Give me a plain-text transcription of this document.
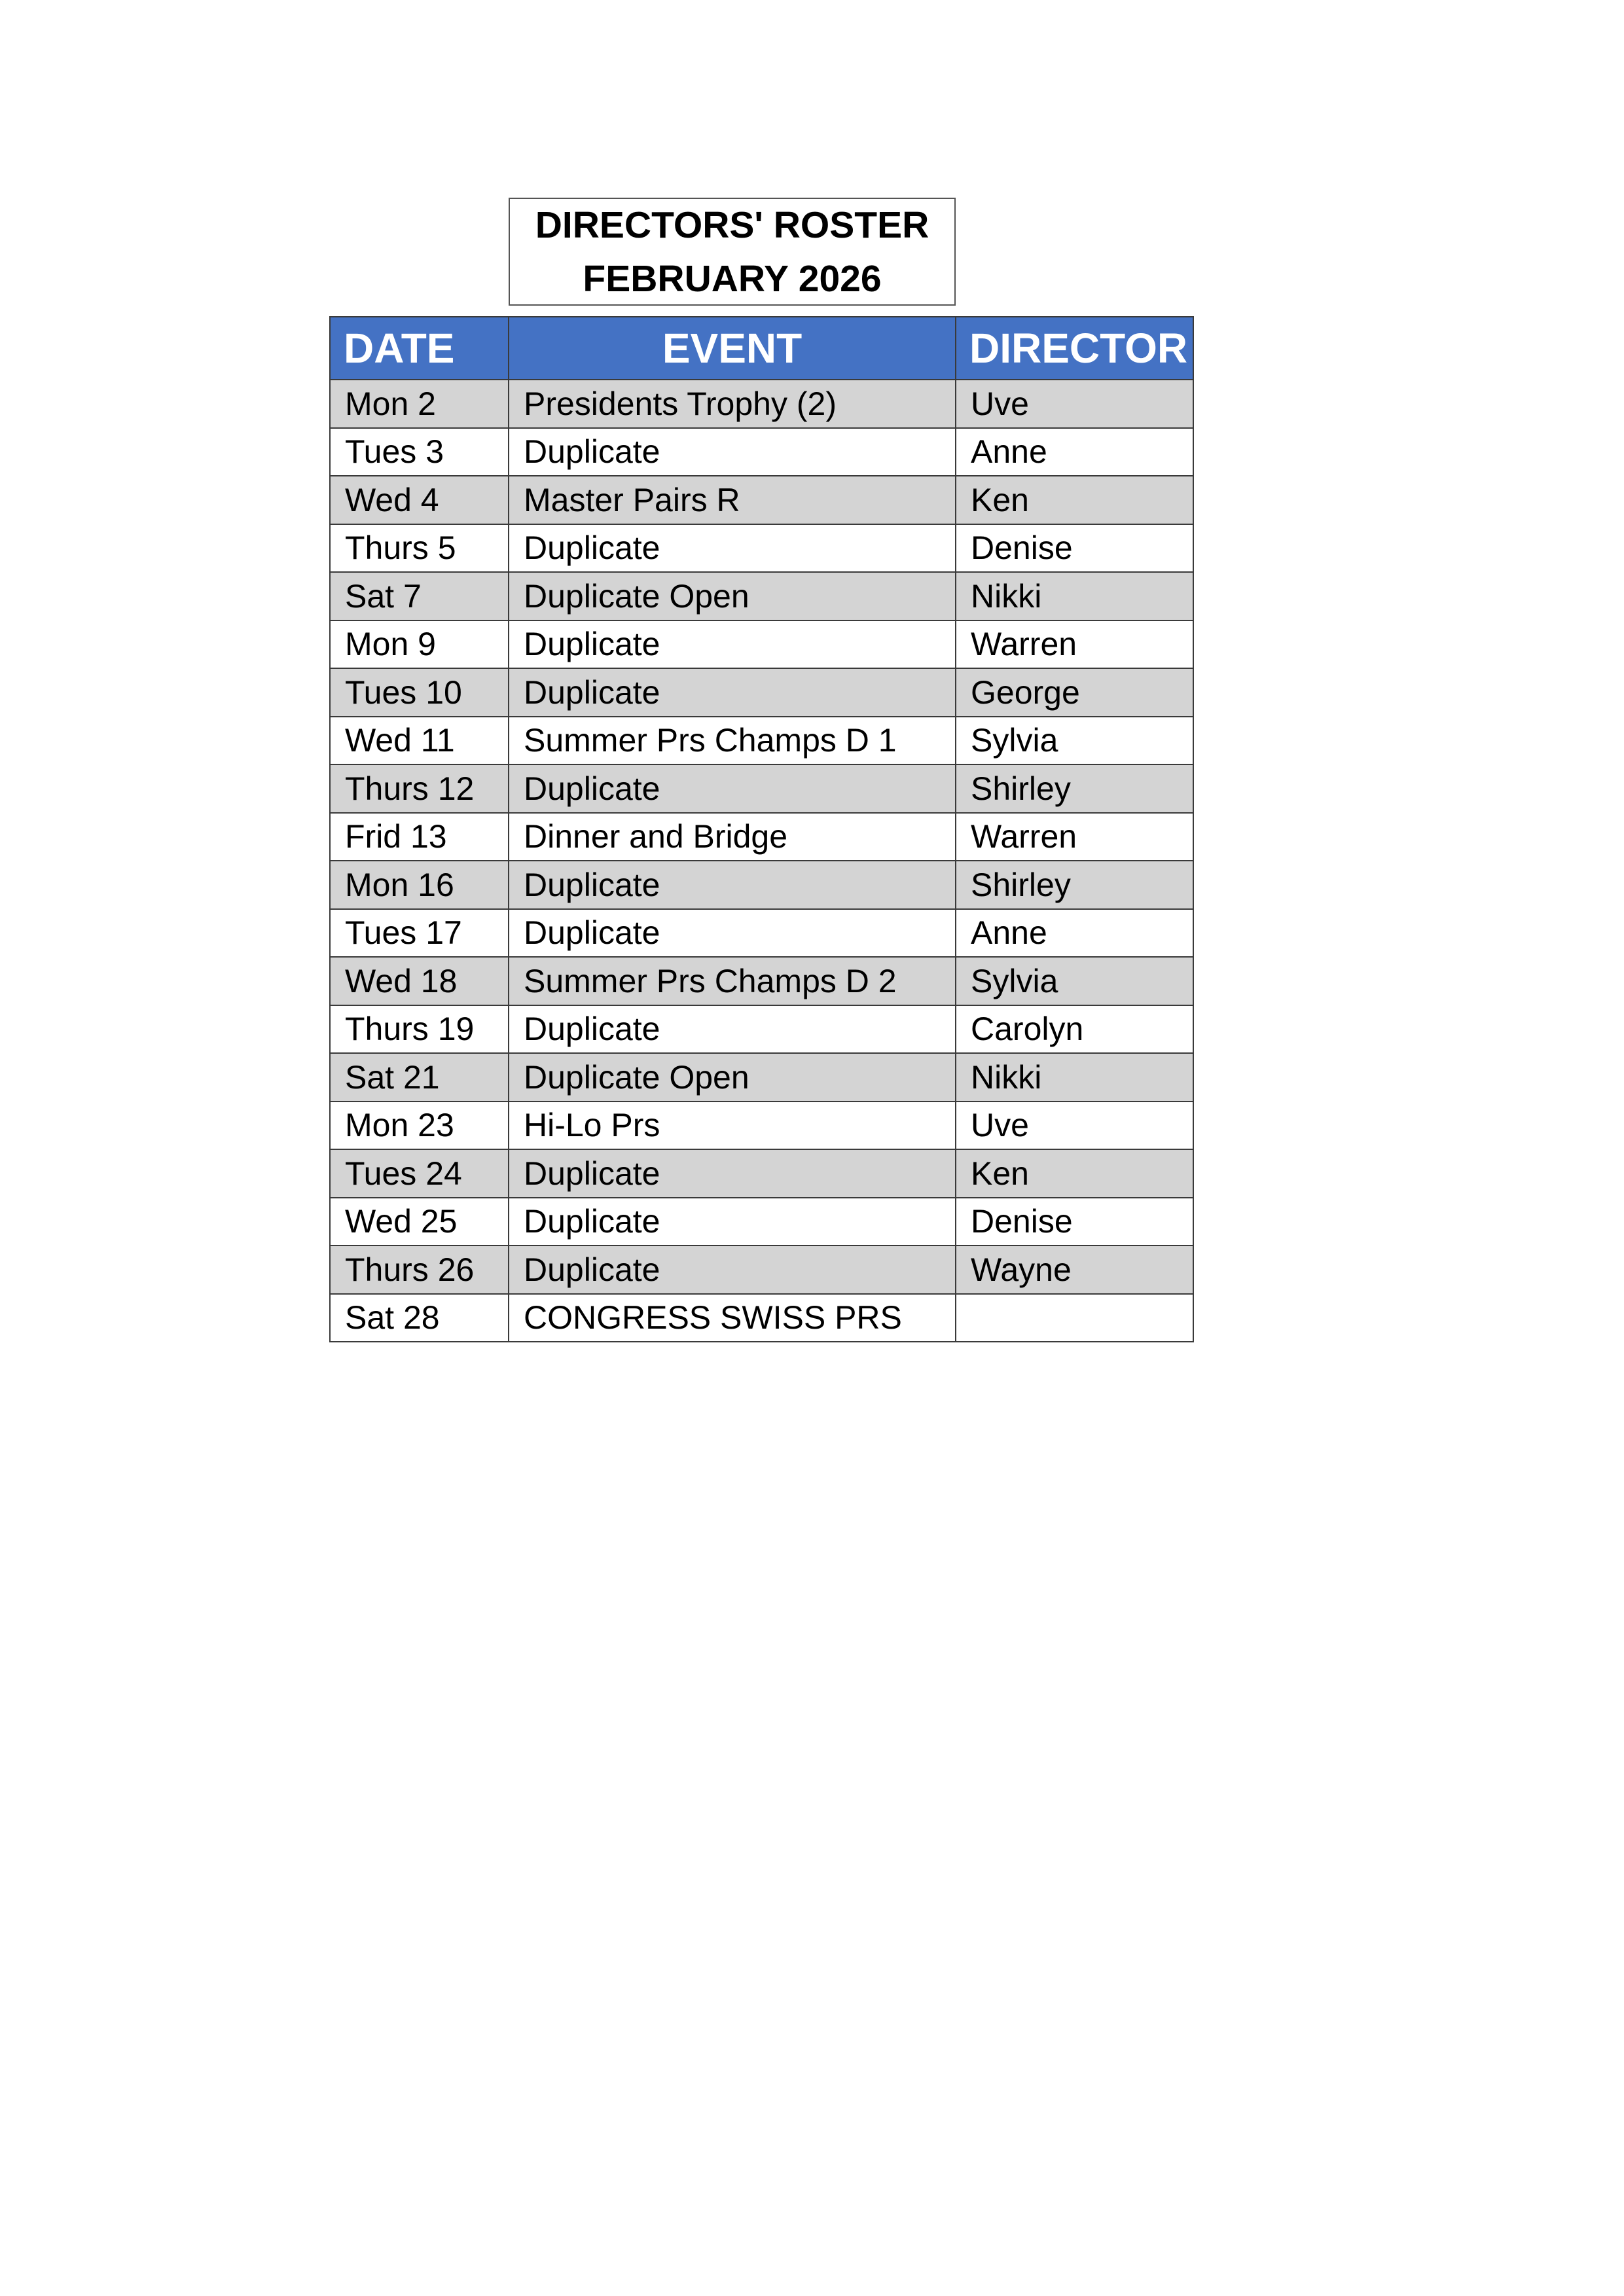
DIRECTORS' ROSTER
FEBRUARY 2026
DATE	EVENT	DIRECTOR
Mon 2	Presidents Trophy (2)	Uve
Tues 3	Duplicate	Anne
Wed 4	Master Pairs R	Ken
Thurs 5	Duplicate	Denise
Sat 7	Duplicate Open	Nikki
Mon 9	Duplicate	Warren
Tues 10	Duplicate	George
Wed 11	Summer Prs Champs D 1	Sylvia
Thurs 12	Duplicate	Shirley
Frid 13	Dinner and Bridge	Warren
Mon 16	Duplicate	Shirley
Tues 17	Duplicate	Anne
Wed 18	Summer Prs Champs D 2	Sylvia
Thurs 19	Duplicate	Carolyn
Sat 21	Duplicate Open	Nikki
Mon 23	Hi-Lo Prs	Uve
Tues 24	Duplicate	Ken
Wed 25	Duplicate	Denise
Thurs 26	Duplicate	Wayne
Sat 28	CONGRESS SWISS PRS	
